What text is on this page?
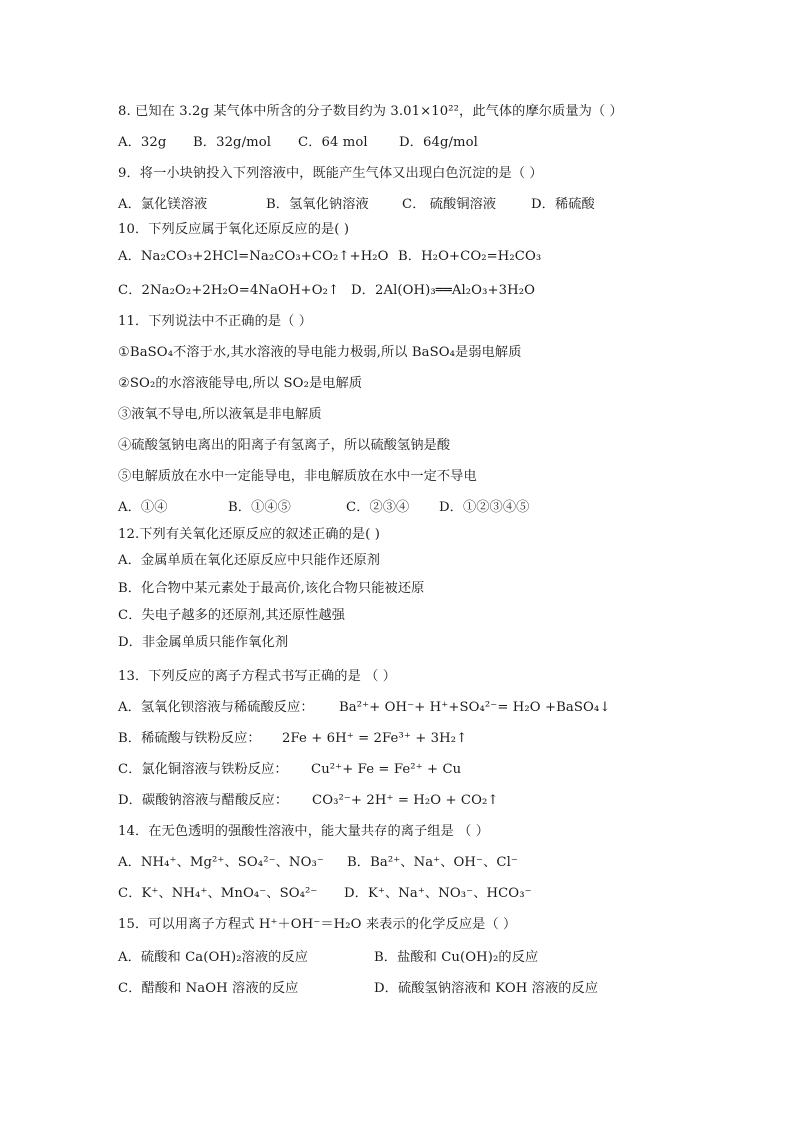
8. 已知在 3.2g 某气体中所含的分子数目约为 3.01×10²²，此气体的摩尔质量为（ ）
A．32g B．32g/mol C．64 mol D．64g/mol
9．将一小块钠投入下列溶液中，既能产生气体又出现白色沉淀的是（ ）
A．氯化镁溶液	B．氢氧化钠溶液	C． 硫酸铜溶液	D．稀硫酸
10．下列反应属于氧化还原反应的是( )
A．Na₂CO₃+2HCl=Na₂CO₃+CO₂↑+H₂O B．H₂O+CO₂=H₂CO₃
C．2Na₂O₂+2H₂O=4NaOH+O₂↑ D．2Al(OH)₃══Al₂O₃+3H₂O
11．下列说法中不正确的是（ ）
①BaSO₄不溶于水,其水溶液的导电能力极弱,所以 BaSO₄是弱电解质
②SO₂的水溶液能导电,所以 SO₂是电解质
③液氧不导电,所以液氧是非电解质
④硫酸氢钠电离出的阳离子有氢离子，所以硫酸氢钠是酸
⑤电解质放在水中一定能导电，非电解质放在水中一定不导电
A．①④	B．①④⑤	C．②③④ D．①②③④⑤
12.下列有关氧化还原反应的叙述正确的是( )
A．金属单质在氧化还原反应中只能作还原剂
B．化合物中某元素处于最高价,该化合物只能被还原
C．失电子越多的还原剂,其还原性越强
D．非金属单质只能作氧化剂
13．下列反应的离子方程式书写正确的是 （ ）
A．氢氧化钡溶液与稀硫酸反应： Ba²⁺+ OH⁻+ H⁺+SO₄²⁻= H₂O +BaSO₄↓
B．稀硫酸与铁粉反应： 2Fe + 6H⁺ = 2Fe³⁺ + 3H₂↑
C．氯化铜溶液与铁粉反应： Cu²⁺+ Fe = Fe²⁺ + Cu
D．碳酸钠溶液与醋酸反应： CO₃²⁻+ 2H⁺ = H₂O + CO₂↑
14．在无色透明的强酸性溶液中，能大量共存的离子组是 （ ）
A．NH₄⁺、Mg²⁺、SO₄²⁻、NO₃⁻ B．Ba²⁺、Na⁺、OH⁻、Cl⁻
C．K⁺、NH₄⁺、MnO₄⁻、SO₄²⁻ D．K⁺、Na⁺、NO₃⁻、HCO₃⁻
15．可以用离子方程式 H⁺＋OH⁻＝H₂O 来表示的化学反应是（ ）
A．硫酸和 Ca(OH)₂溶液的反应	B．盐酸和 Cu(OH)₂的反应
C．醋酸和 NaOH 溶液的反应	D．硫酸氢钠溶液和 KOH 溶液的反应
